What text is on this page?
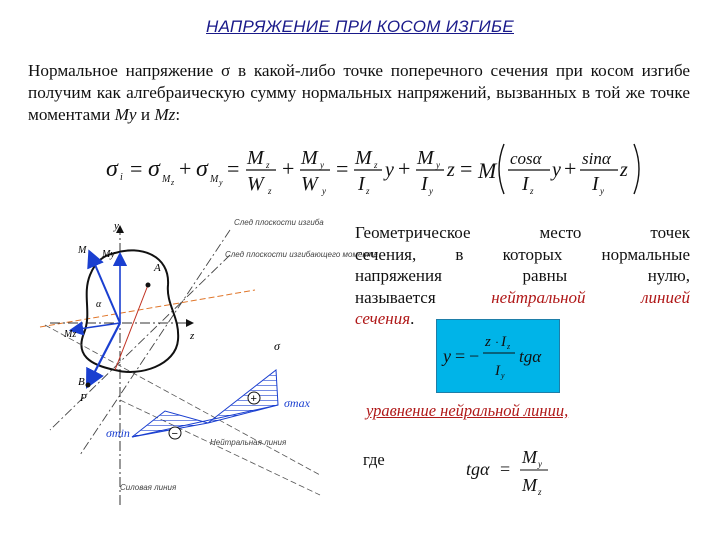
НАПРЯЖЕНИЕ ПРИ КОСОМ ИЗГИБЕ
Нормальное напряжение σ в какой-либо точке поперечного сечения при косом изгибе получим как алгебраическую сумму нормальных напряжений, вызванных в той же точке моментами My и Mz:
σ i = σ M z
+ σ M y
= M z
W z
+ M y
W y
= M z
I z
y + M y
I y
z = M cosα
I z
y + sinα
I y
z
След плоскости изгиба
След плоскости изгибающего момента
Нейтральная линия
Силовая линия
y
z
M Mу
Mz
α
A
B
P
σ
σmax
σmin
+
−
Геометрическое место точек
сечения, в которых нормальные
напряжения равны нулю,
называется нейтральной линией
сечения.
y = −
z · I z
I y
tgα
уравнение нейральной линии,
где	tgα =
M y
M z
